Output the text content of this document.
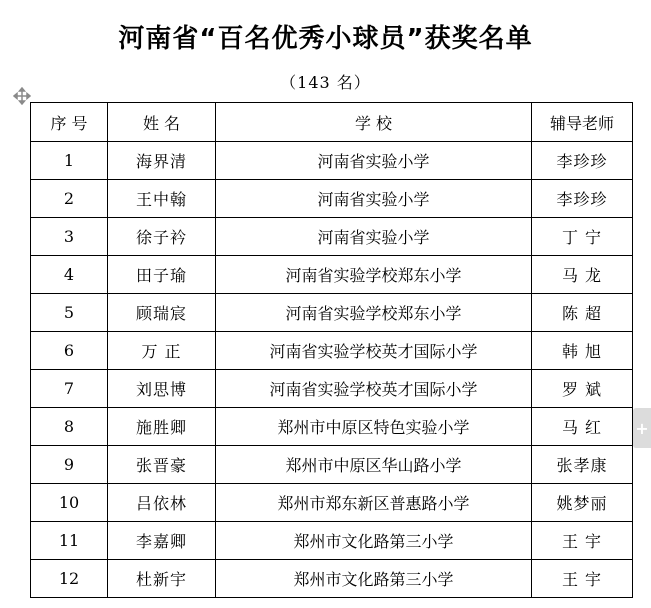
河南省“百名优秀小球员”获奖名单
（143 名）
序 号	姓 名	学 校	辅导老师
1	海界清	河南省实验小学	李珍珍
2	王中翰	河南省实验小学	李珍珍
3	徐子衿	河南省实验小学	丁 宁
4	田子瑜	河南省实验学校郑东小学	马 龙
5	顾瑞宸	河南省实验学校郑东小学	陈 超
6	万 正	河南省实验学校英才国际小学	韩 旭
7	刘思博	河南省实验学校英才国际小学	罗 斌
8	施胜卿	郑州市中原区特色实验小学	马 红
9	张晋豪	郑州市中原区华山路小学	张孝康
10	吕依林	郑州市郑东新区普惠路小学	姚梦丽
11	李嘉卿	郑州市文化路第三小学	王 宇
12	杜新宇	郑州市文化路第三小学	王 宇
+
